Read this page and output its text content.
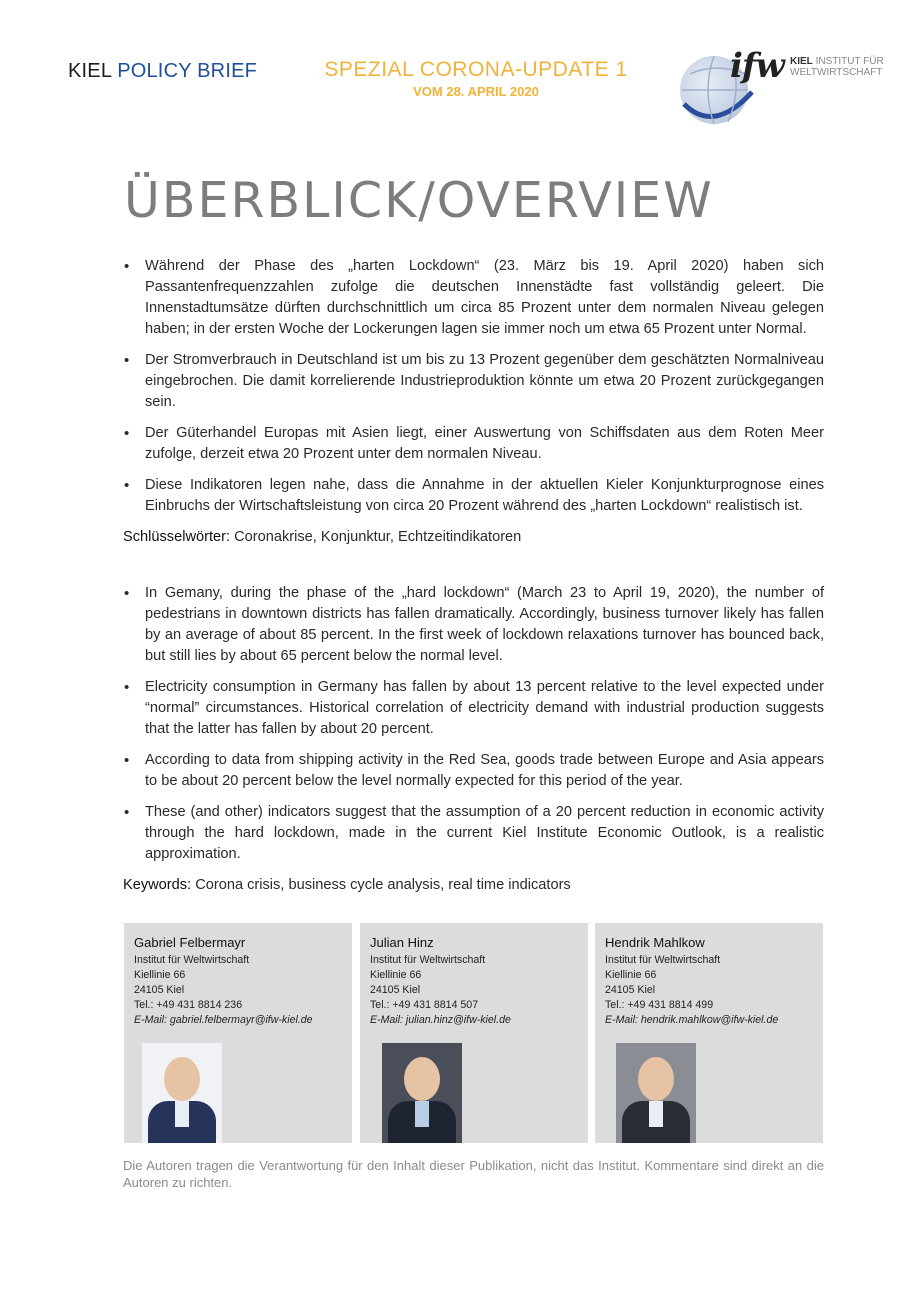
KIEL POLICY BRIEF	SPEZIAL CORONA-UPDATE 1
VOM 28. APRIL 2020
ifw KIEL INSTITUT FÜR
WELTWIRTSCHAFT
ÜBERBLICK/OVERVIEW
• Während der Phase des „harten Lockdown“ (23. März bis 19. April 2020) haben sich Passantenfrequenzzahlen zufolge die deutschen Innenstädte fast vollständig geleert. Die Innenstadtumsätze dürften durchschnittlich um circa 85 Prozent unter dem normalen Niveau gelegen haben; in der ersten Woche der Lockerungen lagen sie immer noch um etwa 65 Prozent unter Normal.
• Der Stromverbrauch in Deutschland ist um bis zu 13 Prozent gegenüber dem geschätzten Normalniveau eingebrochen. Die damit korrelierende Industrieproduktion könnte um etwa 20 Prozent zurückgegangen sein.
• Der Güterhandel Europas mit Asien liegt, einer Auswertung von Schiffsdaten aus dem Roten Meer zufolge, derzeit etwa 20 Prozent unter dem normalen Niveau.
• Diese Indikatoren legen nahe, dass die Annahme in der aktuellen Kieler Konjunkturprognose eines Einbruchs der Wirtschaftsleistung von circa 20 Prozent während des „harten Lockdown“ realistisch ist.
Schlüsselwörter: Coronakrise, Konjunktur, Echtzeitindikatoren
• In Gemany, during the phase of the „hard lockdown“ (March 23 to April 19, 2020), the number of pedestrians in downtown districts has fallen dramatically. Accordingly, business turnover likely has fallen by an average of about 85 percent. In the first week of lockdown relaxations turnover has bounced back, but still lies by about 65 percent below the normal level.
• Electricity consumption in Germany has fallen by about 13 percent relative to the level expected under “normal” circumstances. Historical correlation of electricity demand with industrial production suggests that the latter has fallen by about 20 percent.
• According to data from shipping activity in the Red Sea, goods trade between Europe and Asia appears to be about 20 percent below the level normally expected for this period of the year.
• These (and other) indicators suggest that the assumption of a 20 percent reduction in economic activity through the hard lockdown, made in the current Kiel Institute Economic Outlook, is a realistic approximation.
Keywords: Corona crisis, business cycle analysis, real time indicators
Gabriel Felbermayr
Institut für Weltwirtschaft
Kiellinie 66
24105 Kiel
Tel.: +49 431 8814 236
E-Mail: gabriel.felbermayr@ifw-kiel.de
Julian Hinz
Institut für Weltwirtschaft
Kiellinie 66
24105 Kiel
Tel.: +49 431 8814 507
E-Mail: julian.hinz@ifw-kiel.de
Hendrik Mahlkow
Institut für Weltwirtschaft
Kiellinie 66
24105 Kiel
Tel.: +49 431 8814 499
E-Mail: hendrik.mahlkow@ifw-kiel.de
Die Autoren tragen die Verantwortung für den Inhalt dieser Publikation, nicht das Institut. Kommentare sind direkt an die Autoren zu richten.
